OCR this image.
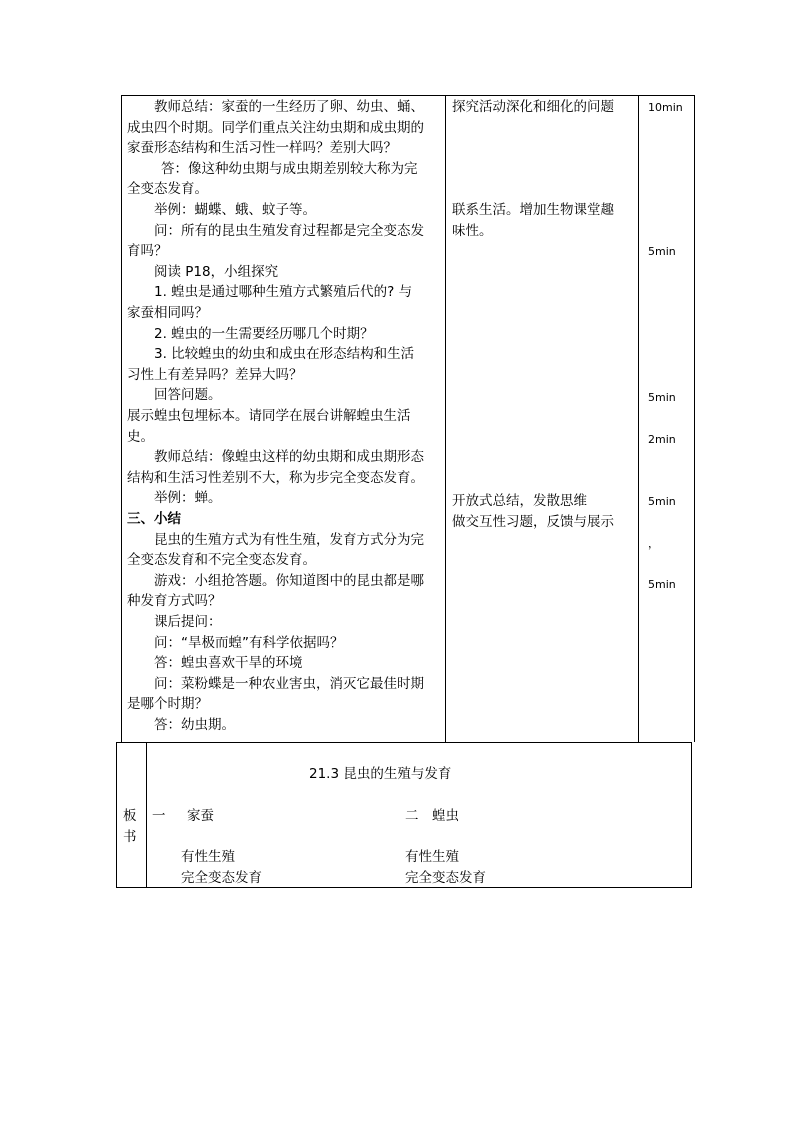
教师总结：家蚕的一生经历了卵、幼虫、蛹、
成虫四个时期。同学们重点关注幼虫期和成虫期的
家蚕形态结构和生活习性一样吗？差别大吗？
答：像这种幼虫期与成虫期差别较大称为完
全变态发育。
举例：蝴蝶、蛾、蚊子等。
问：所有的昆虫生殖发育过程都是完全变态发
育吗？
阅读 P18，小组探究
1. 蝗虫是通过哪种生殖方式繁殖后代的? 与
家蚕相同吗？
2. 蝗虫的一生需要经历哪几个时期？
3. 比较蝗虫的幼虫和成虫在形态结构和生活
习性上有差异吗？差异大吗？
回答问题。
展示蝗虫包埋标本。请同学在展台讲解蝗虫生活
史。
教师总结：像蝗虫这样的幼虫期和成虫期形态
结构和生活习性差别不大，称为步完全变态发育。
举例：蝉。
三、小结
昆虫的生殖方式为有性生殖，发育方式分为完
全变态发育和不完全变态发育。
游戏：小组抢答题。你知道图中的昆虫都是哪
种发育方式吗？
课后提问：
问：“旱极而蝗”有科学依据吗？
答：蝗虫喜欢干旱的环境
问：菜粉蝶是一种农业害虫，消灭它最佳时期
是哪个时期？
答：幼虫期。
探究活动深化和细化的问题
联系生活。增加生物课堂趣
味性。
开放式总结，发散思维
做交互性习题，反馈与展示
10min
5min
5min
2min
5min
，
5min
板
书
21.3 昆虫的生殖与发育
一 家蚕
有性生殖
完全变态发育
二 蝗虫
有性生殖
完全变态发育
